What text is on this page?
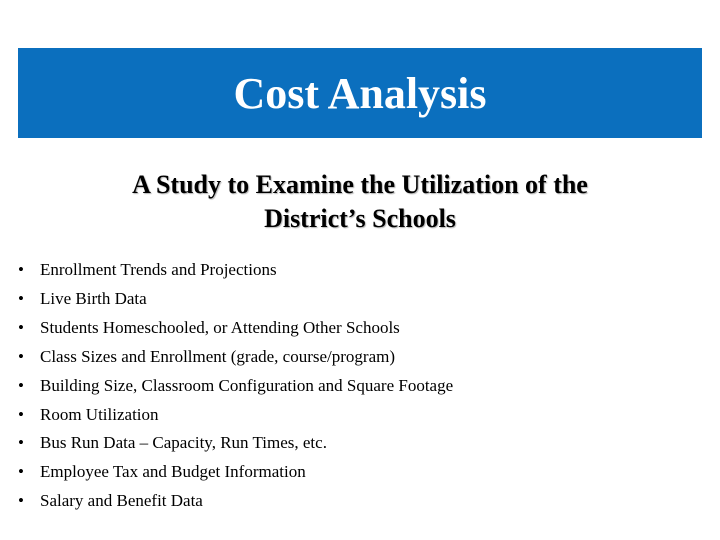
Cost Analysis
A Study to Examine the Utilization of the
District’s Schools
• Enrollment Trends and Projections
• Live Birth Data
• Students Homeschooled, or Attending Other Schools
• Class Sizes and Enrollment (grade, course/program)
• Building Size, Classroom Configuration and Square Footage
• Room Utilization
• Bus Run Data – Capacity, Run Times, etc.
• Employee Tax and Budget Information
• Salary and Benefit Data
